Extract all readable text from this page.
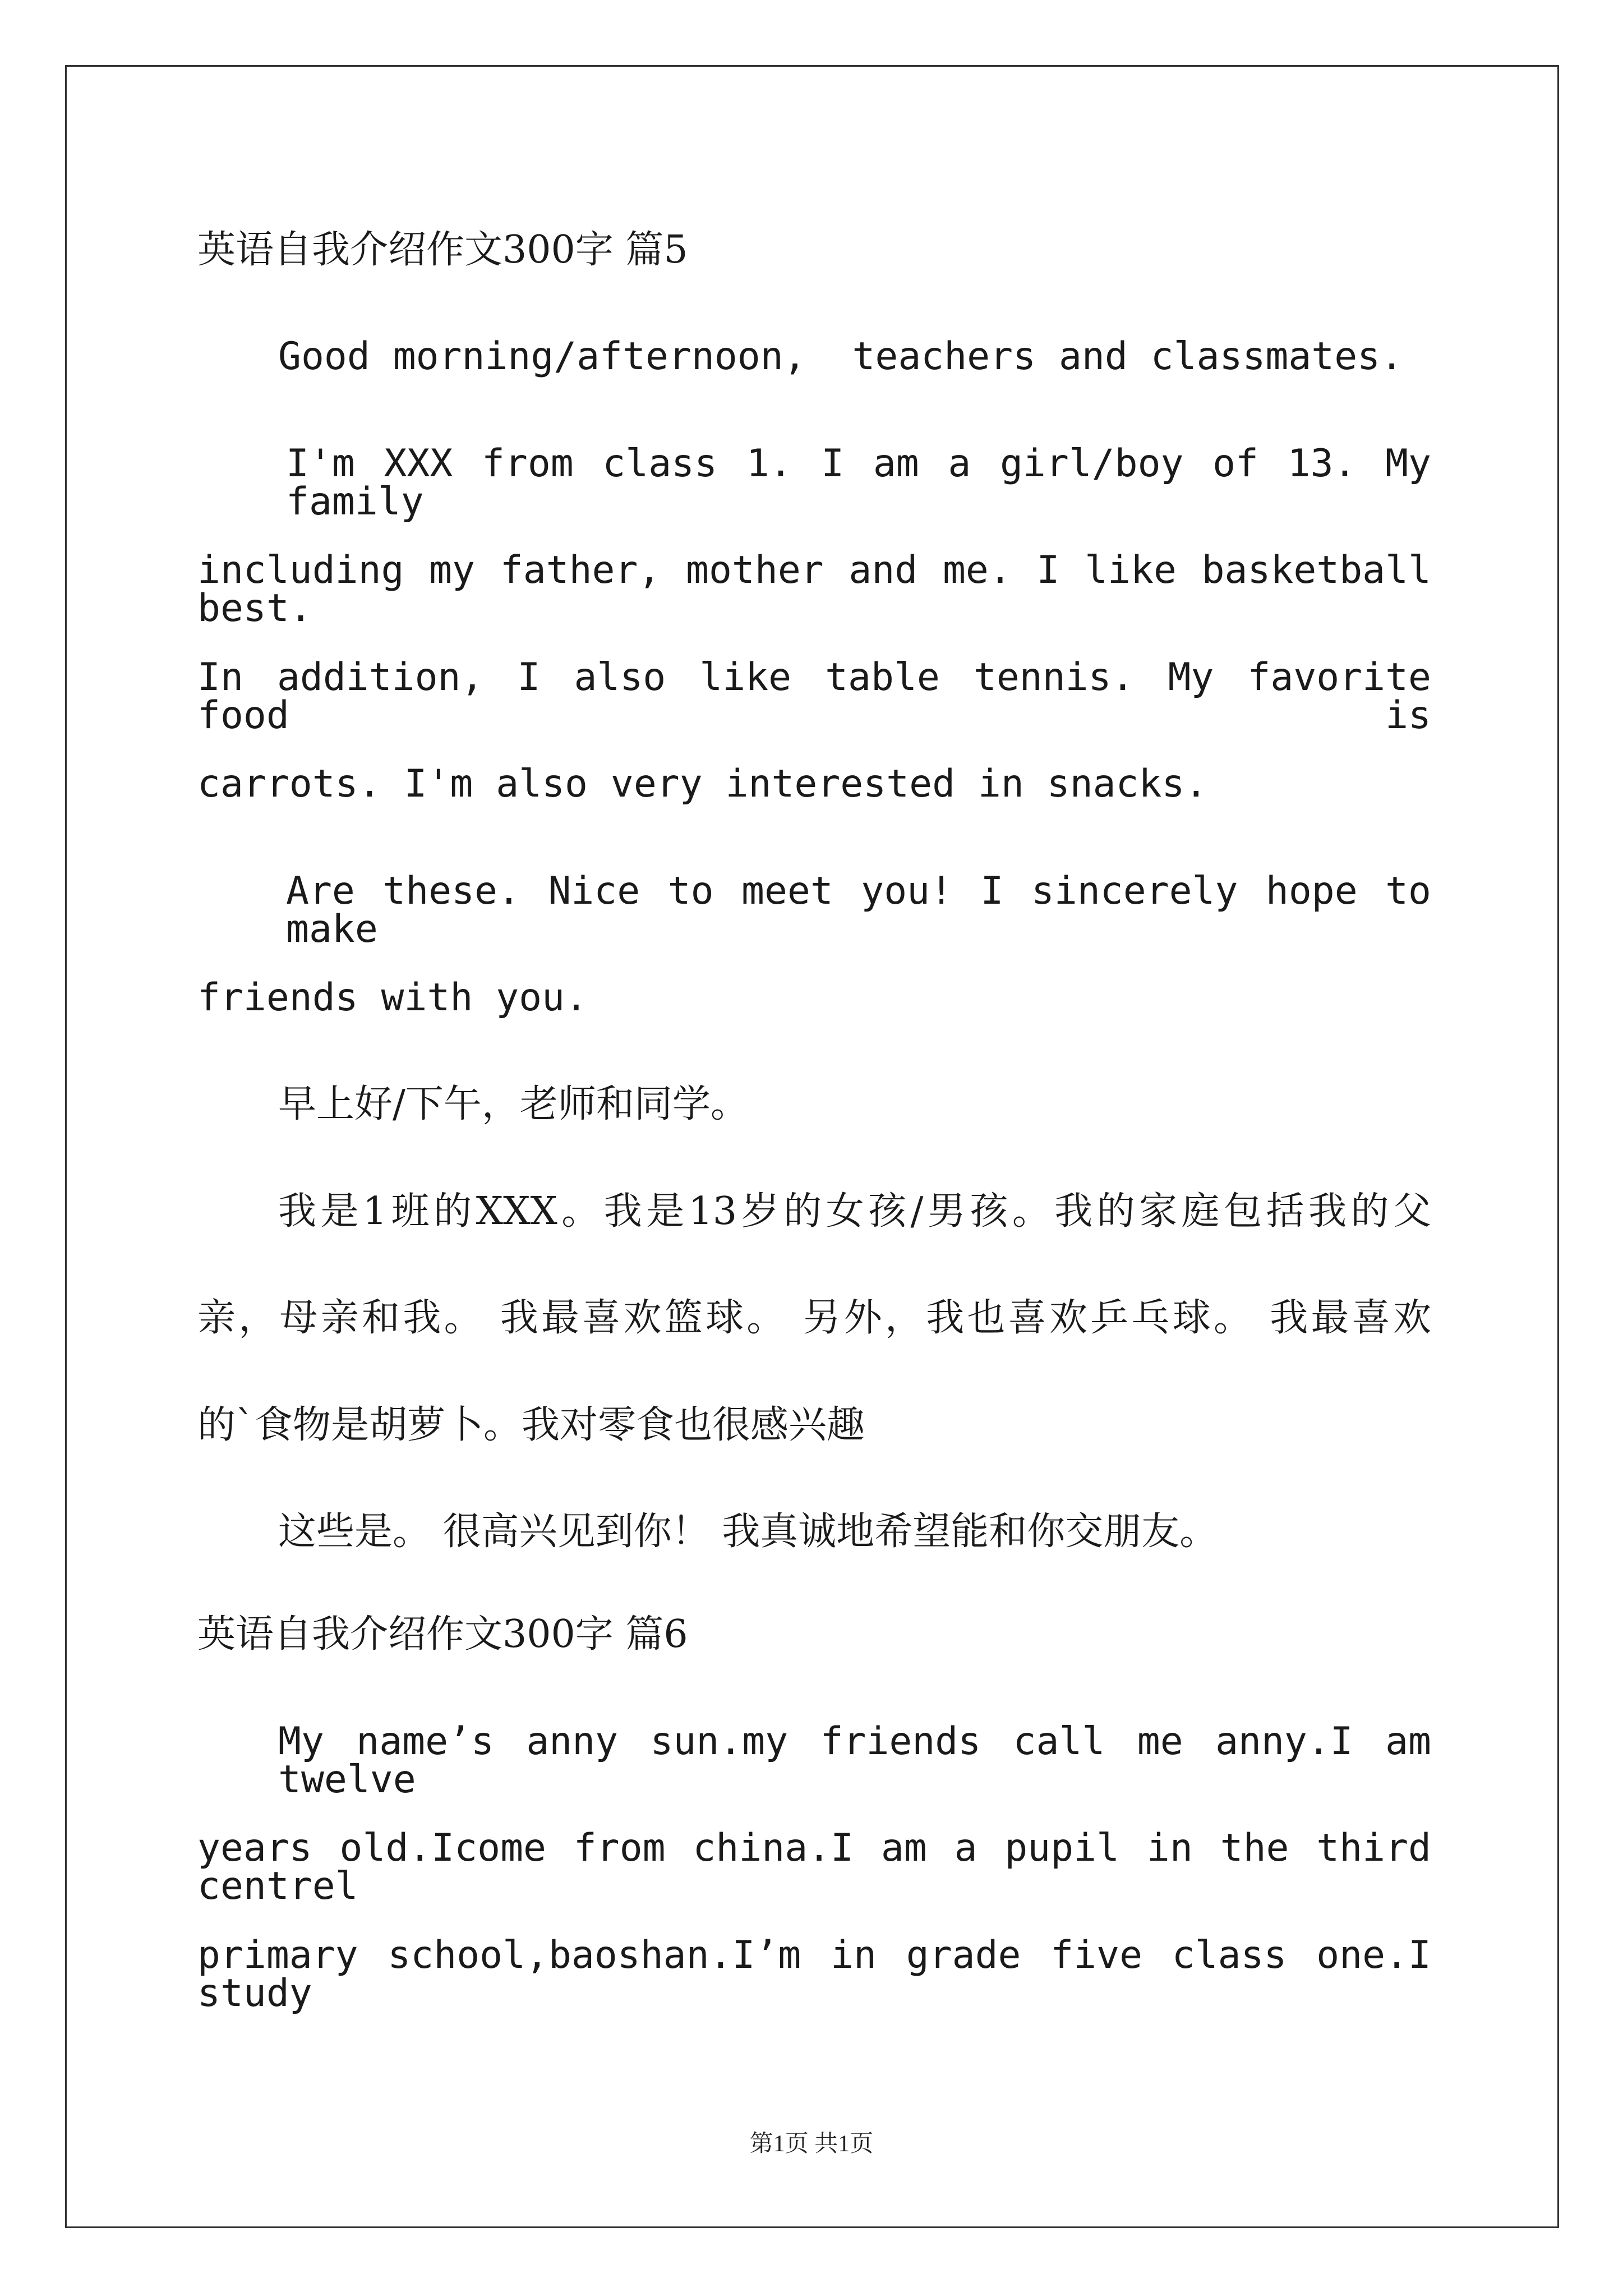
英语自我介绍作文300字 篇5
Good morning/afternoon,  teachers and classmates.
I'm XXX from class 1. I am a girl/boy of 13. My family
including my father, mother and me. I like basketball best.
In addition, I also like table tennis. My favorite food is
carrots. I'm also very interested in snacks.
Are these. Nice to meet you! I sincerely hope to make
friends with you.
早上好/下午，老师和同学。
我是1班的XXX。我是13岁的女孩/男孩。我的家庭包括我的父
亲，母亲和我。 我最喜欢篮球。 另外，我也喜欢乒乓球。 我最喜欢
的`食物是胡萝卜。我对零食也很感兴趣
这些是。 很高兴见到你！ 我真诚地希望能和你交朋友。
英语自我介绍作文300字 篇6
My name’s anny sun.my friends call me anny.I am twelve
years old.Icome from china.I am a pupil in the third centrel
primary school,baoshan.I’m in grade five class one.I study
第1页 共1页
